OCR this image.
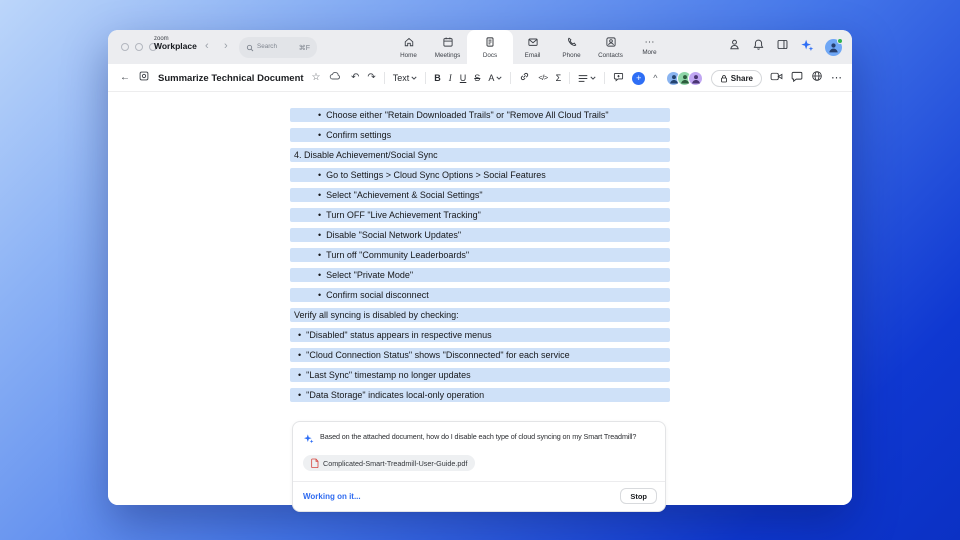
zoom
Workplace ‹ ›	Search	⌘F
Home	Meetings	Docs	Email	Phone	Contacts
⋯
More
←	Summarize Technical Document ☆	↶ ↷ Text	B I U S A	</> Σ	+	^	Share	⋯
• Choose either "Retain Downloaded Trails" or "Remove All Cloud Trails"
• Confirm settings
4. Disable Achievement/Social Sync
• Go to Settings > Cloud Sync Options > Social Features
• Select "Achievement & Social Settings"
• Turn OFF "Live Achievement Tracking"
• Disable "Social Network Updates"
• Turn off "Community Leaderboards"
• Select "Private Mode"
• Confirm social disconnect
Verify all syncing is disabled by checking:
• "Disabled" status appears in respective menus
• "Cloud Connection Status" shows "Disconnected" for each service
• "Last Sync" timestamp no longer updates
• "Data Storage" indicates local-only operation
Based on the attached document, how do I disable each type of cloud syncing on my Smart Treadmill?
Complicated-Smart-Treadmill-User-Guide.pdf
Working on it...	Stop
